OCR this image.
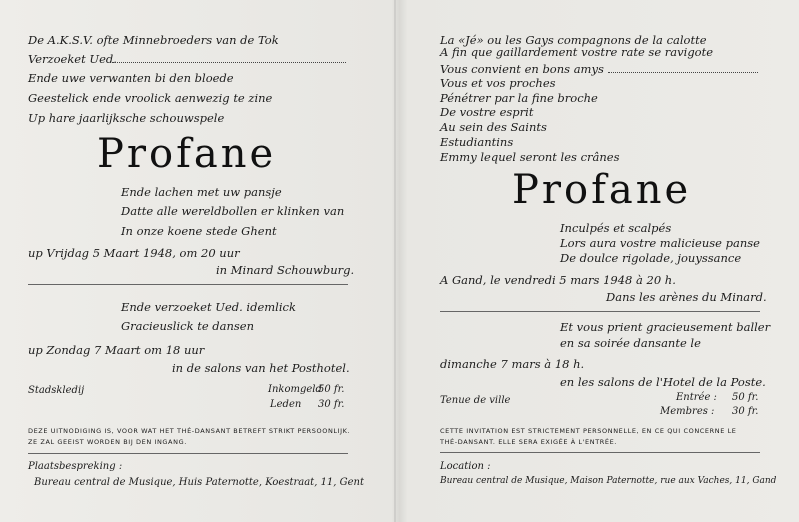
De A.K.S.V. ofte Minnebroeders van de Tok
Verzoeket Ued.
Ende uwe verwanten bi den bloede
Geestelick ende vroolick aenwezig te zine
Up hare jaarlijksche schouwspele
Profane
Ende lachen met uw pansje
Datte alle wereldbollen er klinken van
In onze koene stede Ghent
up Vrijdag 5 Maart 1948, om 20 uur
in Minard Schouwburg.
Ende verzoeket Ued. idemlick
Gracieuslick te dansen
up Zondag 7 Maart om 18 uur
in de salons van het Posthotel.
Stadskledij	Inkomgeld
50 fr.
Leden 30 fr.
DEZE UITNODIGING IS, VOOR WAT HET THÉ-DANSANT BETREFT STRIKT PERSOONLIJK.
ZE ZAL GEEIST WORDEN BIJ DEN INGANG.
Plaatsbespreking :
Bureau central de Musique, Huis Paternotte, Koestraat, 11, Gent
La «Jé» ou les Gays compagnons de la calotte
A fin que gaillardement vostre rate se ravigote
Vous convient en bons amys
Vous et vos proches
Pénétrer par la fine broche
De vostre esprit
Au sein des Saints
Estudiantins
Emmy lequel seront les crânes
Profane
Inculpés et scalpés
Lors aura vostre malicieuse panse
De doulce rigolade, jouyssance
A Gand, le vendredi 5 mars 1948 à 20 h.
Dans les arènes du Minard.
Et vous prient gracieusement baller
en sa soirée dansante le
dimanche 7 mars à 18 h.
en les salons de l'Hotel de la Poste.
Tenue de ville	Entrée : 50 fr.
Membres : 30 fr.
CETTE INVITATION EST STRICTEMENT PERSONNELLE, EN CE QUI CONCERNE LE
THÉ-DANSANT. ELLE SERA EXIGÉE À L'ENTRÉE.
Location :
Bureau central de Musique, Maison Paternotte, rue aux Vaches, 11, Gand
